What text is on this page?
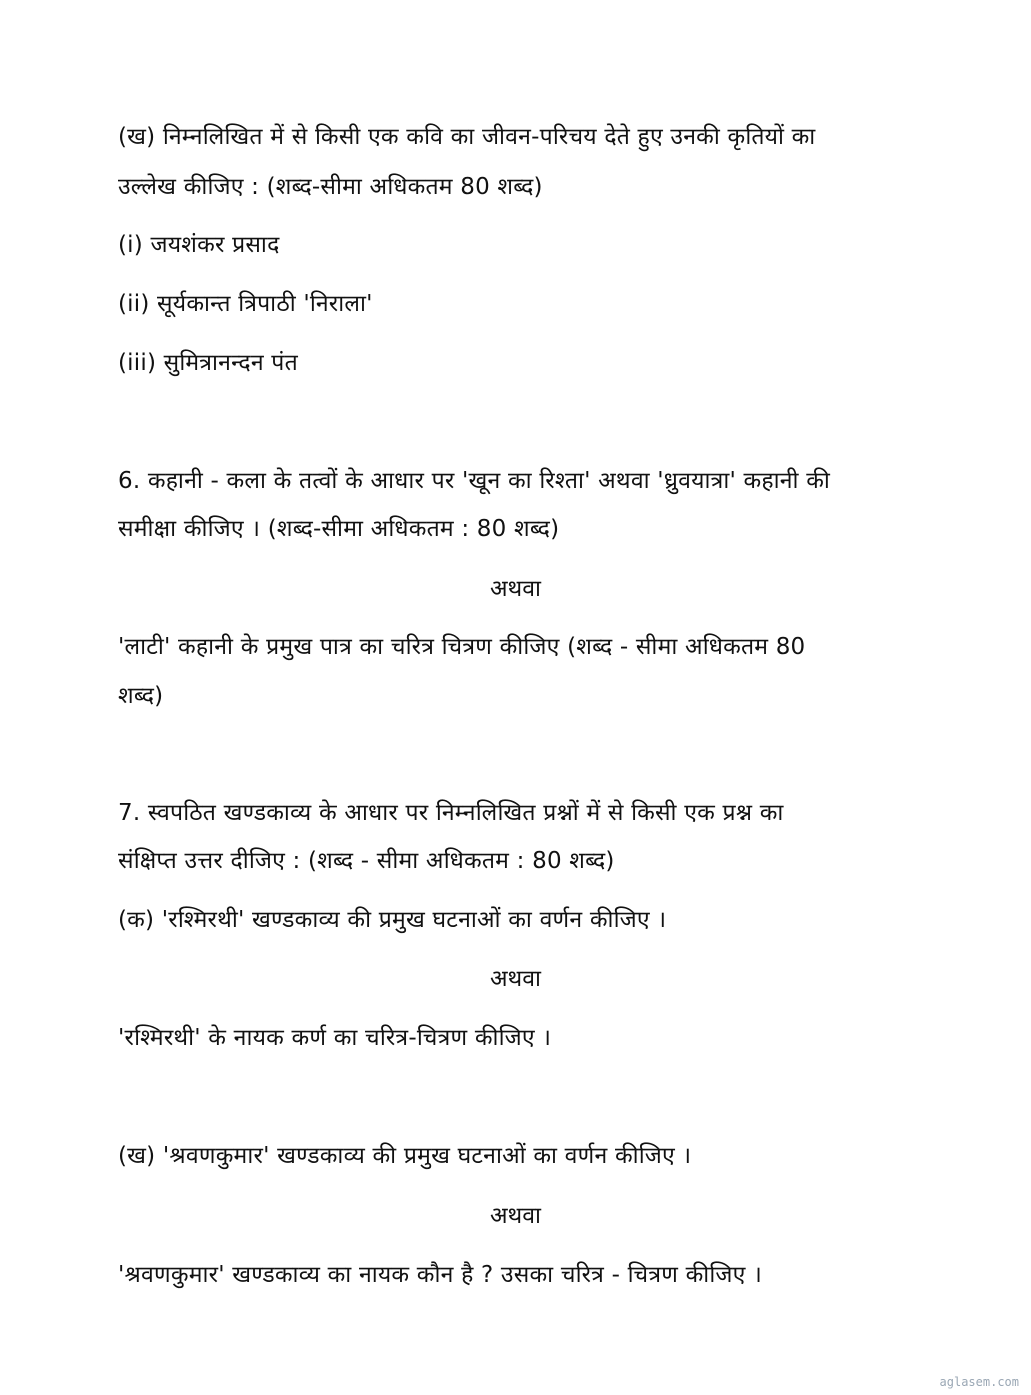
(ख) निम्नलिखित में से किसी एक कवि का जीवन-परिचय देते हुए उनकी कृतियों का
उल्लेख कीजिए : (शब्द-सीमा अधिकतम 80 शब्द)
(i) जयशंकर प्रसाद
(ii) सूर्यकान्त त्रिपाठी 'निराला'
(iii) सुमित्रानन्दन पंत
6. कहानी - कला के तत्वों के आधार पर 'खून का रिश्ता' अथवा 'ध्रुवयात्रा' कहानी की
समीक्षा कीजिए । (शब्द-सीमा अधिकतम : 80 शब्द)
अथवा
'लाटी' कहानी के प्रमुख पात्र का चरित्र चित्रण कीजिए (शब्द - सीमा अधिकतम 80
शब्द)
7. स्वपठित खण्डकाव्य के आधार पर निम्नलिखित प्रश्नों में से किसी एक प्रश्न का
संक्षिप्त उत्तर दीजिए : (शब्द - सीमा अधिकतम : 80 शब्द)
(क) 'रश्मिरथी' खण्डकाव्य की प्रमुख घटनाओं का वर्णन कीजिए ।
अथवा
'रश्मिरथी' के नायक कर्ण का चरित्र-चित्रण कीजिए ।
(ख) 'श्रवणकुमार' खण्डकाव्य की प्रमुख घटनाओं का वर्णन कीजिए ।
अथवा
'श्रवणकुमार' खण्डकाव्य का नायक कौन है ? उसका चरित्र - चित्रण कीजिए ।
aglasem.com
